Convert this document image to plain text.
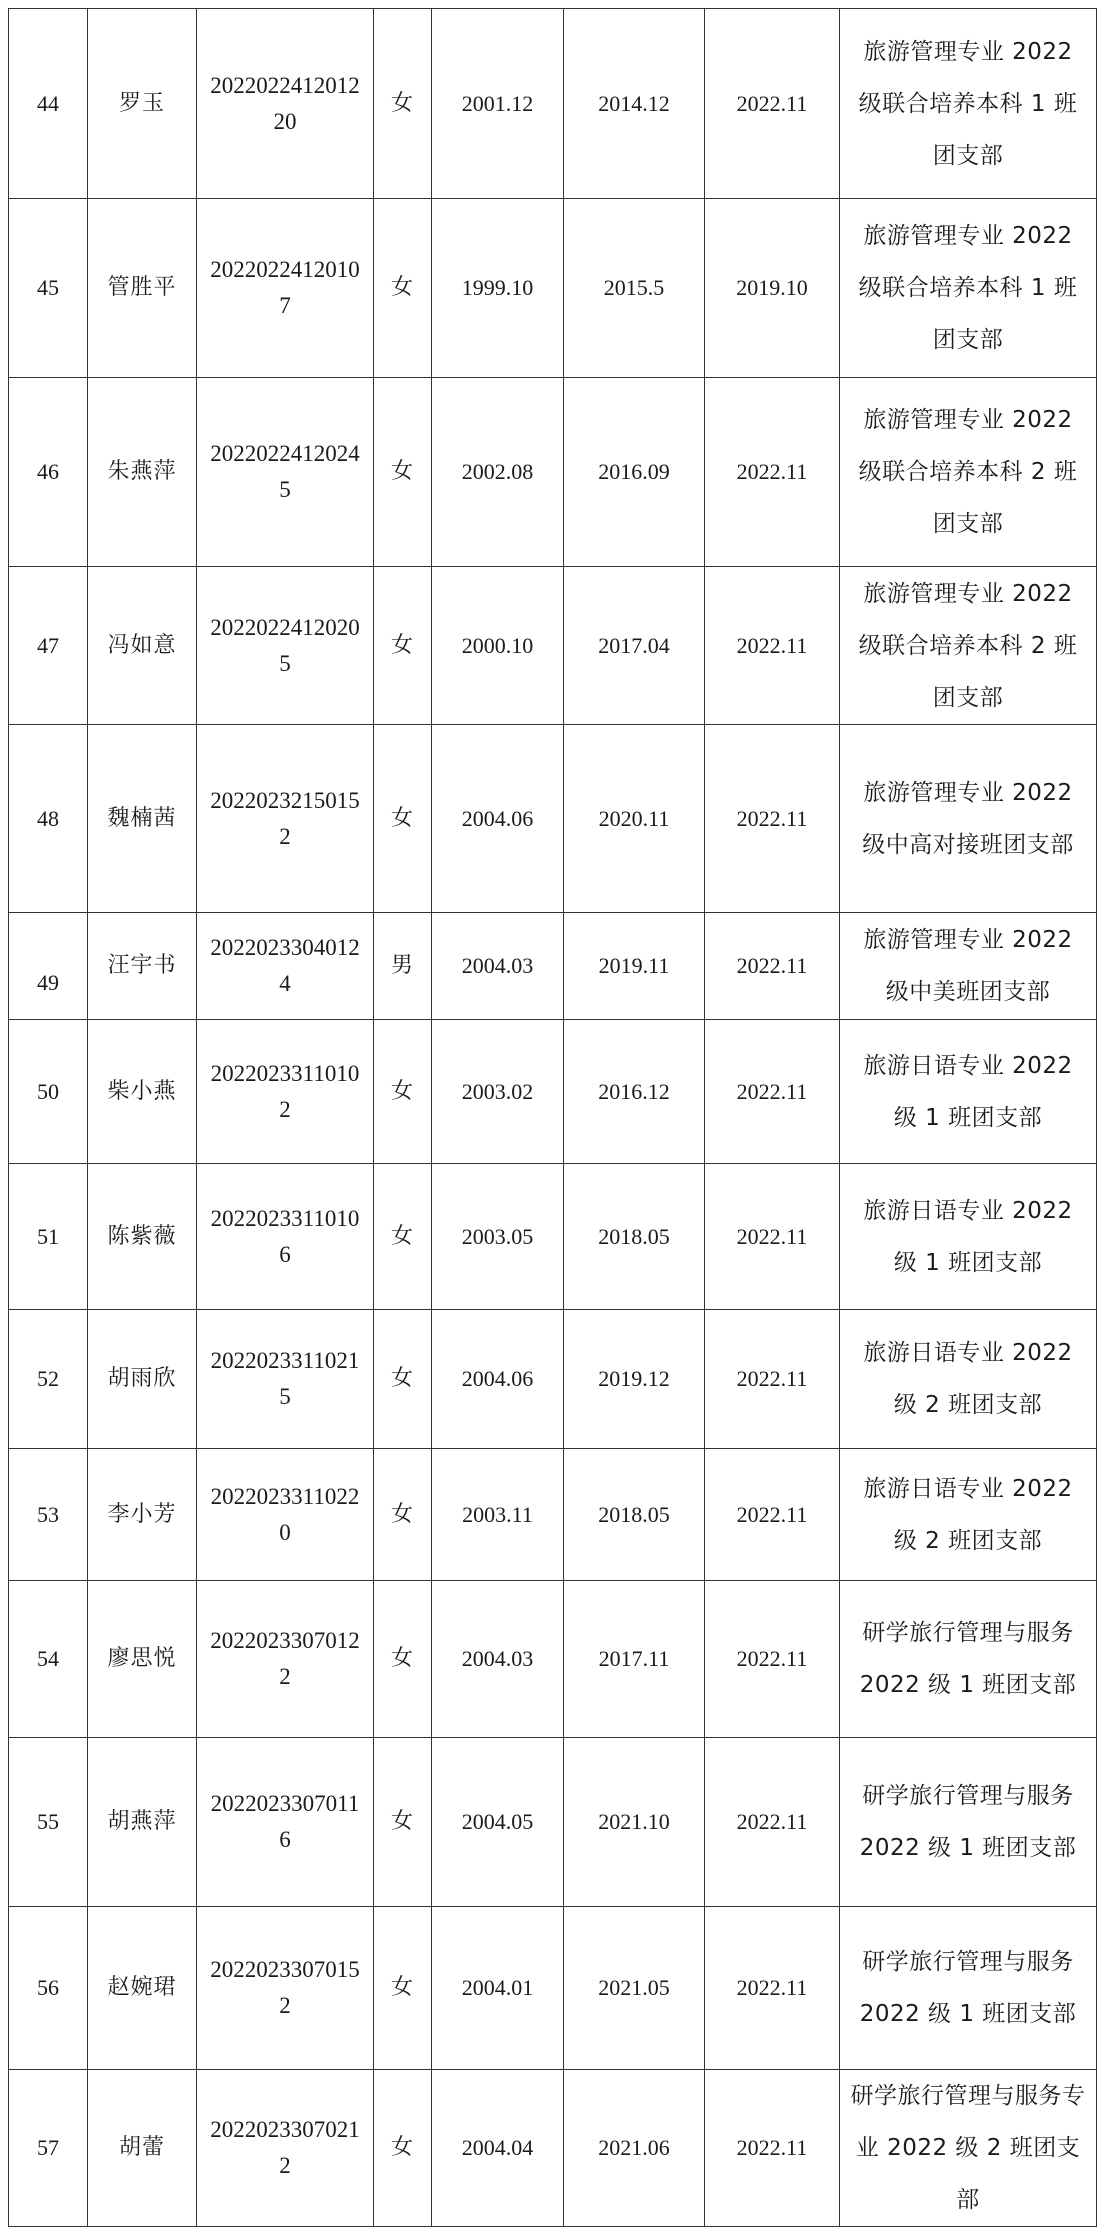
44	罗玉	202202241201220	女	2001.12	2014.12	2022.11	旅游管理专业 2022 级联合培养本科 1 班团支部

45	管胜平	20220224120107	女	1999.10	2015.5	2019.10	旅游管理专业 2022 级联合培养本科 1 班团支部

46	朱燕萍	20220224120245	女	2002.08	2016.09	2022.11	旅游管理专业 2022 级联合培养本科 2 班团支部

47	冯如意	20220224120205	女	2000.10	2017.04	2022.11	旅游管理专业 2022 级联合培养本科 2 班团支部

48	魏楠茜	20220232150152	女	2004.06	2020.11	2022.11	旅游管理专业 2022 级中高对接班团支部

49	汪宇书	20220233040124	男	2004.03	2019.11	2022.11	旅游管理专业 2022 级中美班团支部

50	柴小燕	20220233110102	女	2003.02	2016.12	2022.11	旅游日语专业 2022 级 1 班团支部

51	陈紫薇	20220233110106	女	2003.05	2018.05	2022.11	旅游日语专业 2022 级 1 班团支部

52	胡雨欣	20220233110215	女	2004.06	2019.12	2022.11	旅游日语专业 2022 级 2 班团支部

53	李小芳	20220233110220	女	2003.11	2018.05	2022.11	旅游日语专业 2022 级 2 班团支部

54	廖思悦	20220233070122	女	2004.03	2017.11	2022.11	研学旅行管理与服务 2022 级 1 班团支部

55	胡燕萍	20220233070116	女	2004.05	2021.10	2022.11	研学旅行管理与服务 2022 级 1 班团支部

56	赵婉珺	20220233070152	女	2004.01	2021.05	2022.11	研学旅行管理与服务 2022 级 1 班团支部

57	胡蕾	20220233070212	女	2004.04	2021.06	2022.11	研学旅行管理与服务专业 2022 级 2 班团支部
